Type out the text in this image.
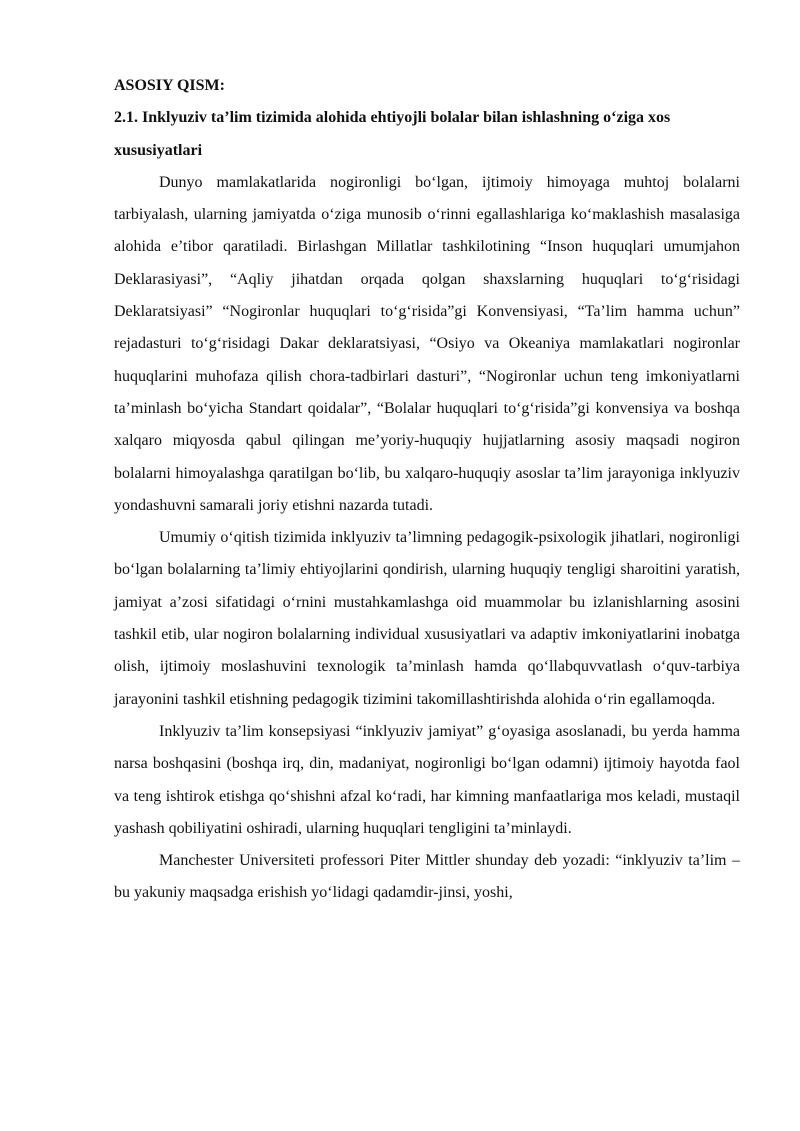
ASOSIY QISM:

2.1. Inklyuziv ta’lim tizimida alohida ehtiyojli bolalar bilan ishlashning o‘ziga xos xususiyatlari

Dunyo mamlakatlarida nogironligi bo‘lgan, ijtimoiy himoyaga muhtoj bolalarni tarbiyalash, ularning jamiyatda o‘ziga munosib o‘rinni egallashlariga ko‘maklashish masalasiga alohida e’tibor qaratiladi. Birlashgan Millatlar tashkilotining “Inson huquqlari umumjahon Deklarasiyasi”, “Aqliy jihatdan orqada qolgan shaxslarning huquqlari to‘g‘risidagi Deklaratsiyasi” “Nogironlar huquqlari to‘g‘risida”gi Konvensiyasi, “Ta’lim hamma uchun” rejadasturi to‘g‘risidagi Dakar deklaratsiyasi, “Osiyo va Okeaniya mamlakatlari nogironlar huquqlarini muhofaza qilish chora-tadbirlari dasturi”, “Nogironlar uchun teng imkoniyatlarni ta’minlash bo‘yicha Standart qoidalar”, “Bolalar huquqlari to‘g‘risida”gi konvensiya va boshqa xalqaro miqyosda qabul qilingan me’yoriy-huquqiy hujjatlarning asosiy maqsadi nogiron bolalarni himoyalashga qaratilgan bo‘lib, bu xalqaro-huquqiy asoslar ta’lim jarayoniga inklyuziv yondashuvni samarali joriy etishni nazarda tutadi.

Umumiy o‘qitish tizimida inklyuziv ta’limning pedagogik-psixologik jihatlari, nogironligi bo‘lgan bolalarning ta’limiy ehtiyojlarini qondirish, ularning huquqiy tengligi sharoitini yaratish, jamiyat a’zosi sifatidagi o‘rnini mustahkamlashga oid muammolar bu izlanishlarning asosini tashkil etib, ular nogiron bolalarning individual xususiyatlari va adaptiv imkoniyatlarini inobatga olish, ijtimoiy moslashuvini texnologik ta’minlash hamda qo‘llabquvvatlash o‘quv-tarbiya jarayonini tashkil etishning pedagogik tizimini takomillashtirishda alohida o‘rin egallamoqda.

Inklyuziv ta’lim konsepsiyasi “inklyuziv jamiyat” g‘oyasiga asoslanadi, bu yerda hamma narsa boshqasini (boshqa irq, din, madaniyat, nogironligi bo‘lgan odamni) ijtimoiy hayotda faol va teng ishtirok etishga qo‘shishni afzal ko‘radi, har kimning manfaatlariga mos keladi, mustaqil yashash qobiliyatini oshiradi, ularning huquqlari tengligini ta’minlaydi.

Manchester Universiteti professori Piter Mittler shunday deb yozadi: “inklyuziv ta’lim – bu yakuniy maqsadga erishish yo‘lidagi qadamdir-jinsi, yoshi,
